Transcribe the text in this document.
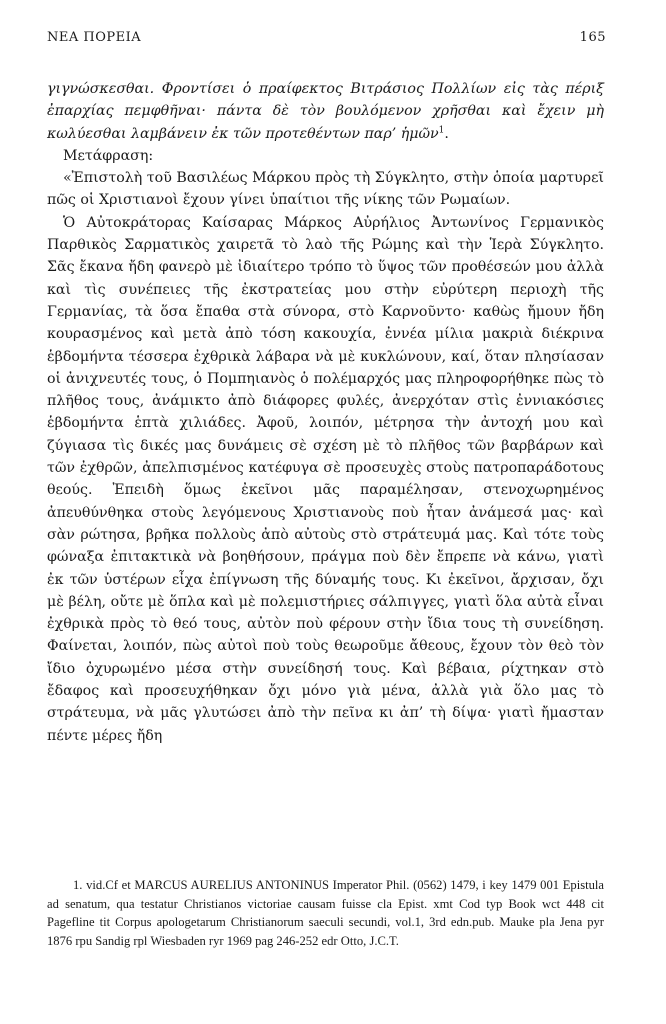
ΝΕΑ ΠΟΡΕΙΑ	165

γιγνώσκεσθαι. Φροντίσει ὁ πραίφεκτος Βιτράσιος Πολλίων εἰς τὰς πέριξ ἐπαρχίας πεμφθῆναι· πάντα δὲ τὸν βουλόμενον χρῆσθαι καὶ ἔχειν μὴ κωλύεσθαι λαμβάνειν ἐκ τῶν προτεθέντων παρ’ ἡμῶν$^1$.

Μετάφραση:

«Ἐπιστολὴ τοῦ Βασιλέως Μάρκου πρὸς τὴ Σύγκλητο, στὴν ὁποία μαρτυρεῖ πῶς οἱ Χριστιανοὶ ἔχουν γίνει ὑπαίτιοι τῆς νίκης τῶν Ρωμαίων.

Ὁ Αὐτοκράτορας Καίσαρας Μάρκος Αὐρήλιος Ἀντωνίνος Γερμανικὸς Παρθικὸς Σαρματικὸς χαιρετᾶ τὸ λαὸ τῆς Ρώμης καὶ τὴν Ἱερὰ Σύγκλητο. Σᾶς ἔκανα ἤδη φανερὸ μὲ ἰδιαίτερο τρόπο τὸ ὕψος τῶν προθέσεών μου ἀλλὰ καὶ τὶς συνέπειες τῆς ἐκστρατείας μου στὴν εὐρύτερη περιοχὴ τῆς Γερμανίας, τὰ ὅσα ἔπαθα στὰ σύνορα, στὸ Καρνοῦντο· καθὼς ἤμουν ἤδη κουρασμένος καὶ μετὰ ἀπὸ τόση κακουχία, ἐννέα μίλια μακριὰ διέκρινα ἑβδομήντα τέσσερα ἐχθρικὰ λάβαρα νὰ μὲ κυκλώνουν, καί, ὅταν πλησίασαν οἱ ἀνιχνευτές τους, ὁ Πομπηιανὸς ὁ πολέμαρχός μας πληροφορήθηκε πὼς τὸ πλῆθος τους, ἀνάμικτο ἀπὸ διάφορες φυλές, ἀνερχόταν στὶς ἐννιακόσιες ἑβδομήντα ἑπτὰ χιλιάδες. Ἀφοῦ, λοιπόν, μέτρησα τὴν ἀντοχή μου καὶ ζύγιασα τὶς δικές μας δυνάμεις σὲ σχέση μὲ τὸ πλῆθος τῶν βαρβάρων καὶ τῶν ἐχθρῶν, ἀπελπισμένος κατέφυγα σὲ προσευχὲς στοὺς πατροπαράδοτους θεούς. Ἐπειδὴ ὅμως ἐκεῖνοι μᾶς παραμέλησαν, στενοχωρημένος ἀπευθύνθηκα στοὺς λεγόμενους Χριστιανοὺς ποὺ ἦταν ἀνάμεσά μας· καὶ σὰν ρώτησα, βρῆκα πολλοὺς ἀπὸ αὐτοὺς στὸ στράτευμά μας. Καὶ τότε τοὺς φώναξα ἐπιτακτικὰ νὰ βοηθήσουν, πράγμα ποὺ δὲν ἔπρεπε νὰ κάνω, γιατὶ ἐκ τῶν ὑστέρων εἶχα ἐπίγνωση τῆς δύναμής τους. Κι ἐκεῖνοι, ἄρχισαν, ὄχι μὲ βέλη, οὔτε μὲ ὅπλα καὶ μὲ πολεμιστήριες σάλπιγγες, γιατὶ ὅλα αὐτὰ εἶναι ἐχθρικὰ πρὸς τὸ θεό τους, αὐτὸν ποὺ φέρουν στὴν ἴδια τους τὴ συνείδηση. Φαίνεται, λοιπόν, πὼς αὐτοὶ ποὺ τοὺς θεωροῦμε ἄθεους, ἔχουν τὸν θεὸ τὸν ἴδιο ὀχυρωμένο μέσα στὴν συνείδησή τους. Καὶ βέβαια, ρίχτηκαν στὸ ἔδαφος καὶ προσευχήθηκαν ὄχι μόνο γιὰ μένα, ἀλλὰ γιὰ ὅλο μας τὸ στράτευμα, νὰ μᾶς γλυτώσει ἀπὸ τὴν πεῖνα κι ἀπ’ τὴ δίψα· γιατὶ ἤμασταν πέντε μέρες ἤδη

1. vid.Cf et MARCUS AURELIUS ANTONINUS Imperator Phil. (0562) 1479, i key 1479 001 Epistula ad senatum, qua testatur Christianos victoriae causam fuisse cla Epist. xmt Cod typ Book wct 448 cit Pagefline tit Corpus apologetarum Christianorum saeculi secundi, vol.1, 3rd edn.pub. Mauke pla Jena pyr 1876 rpu Sandig rpl Wiesbaden ryr 1969 pag 246-252 edr Otto, J.C.T.
